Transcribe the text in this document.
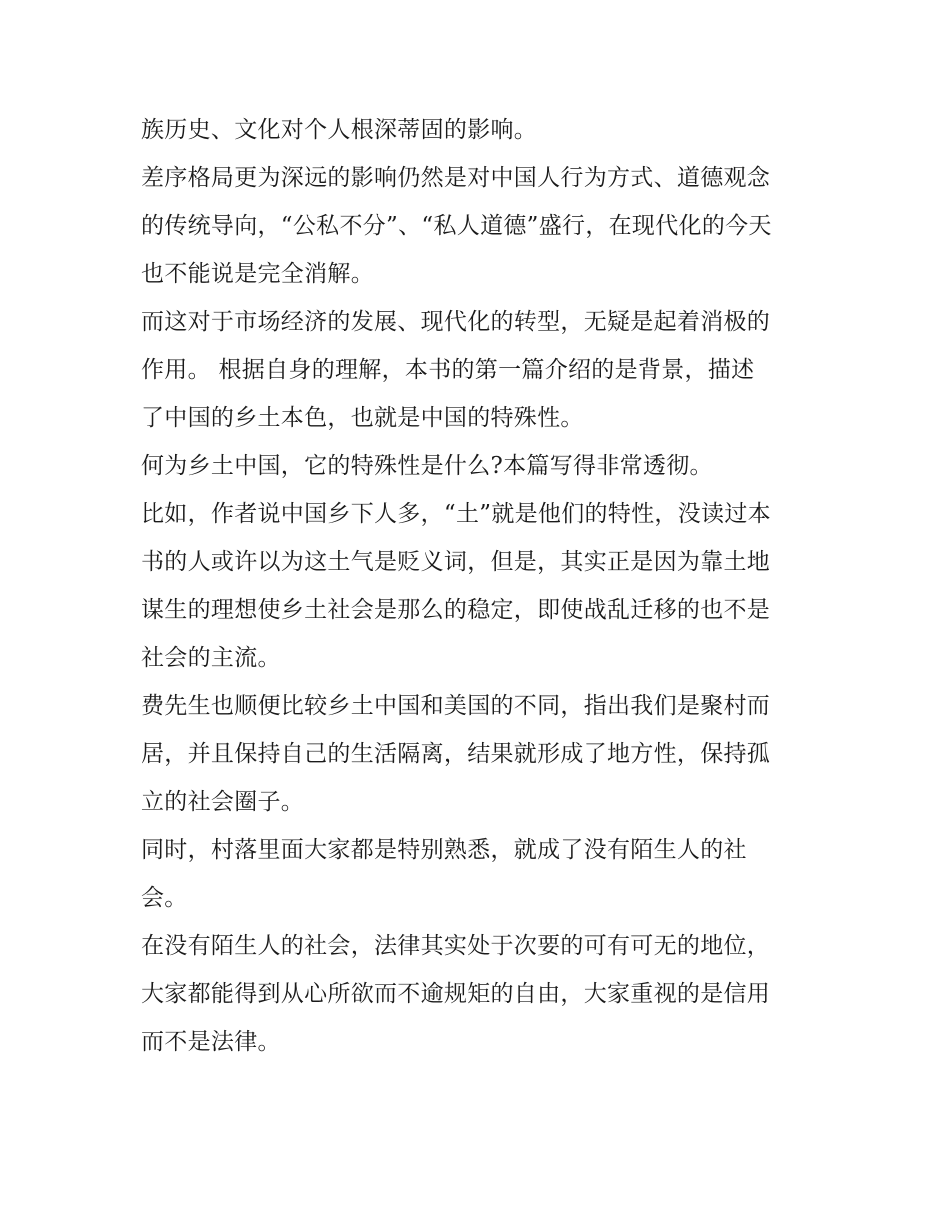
族历史、文化对个人根深蒂固的影响。

差序格局更为深远的影响仍然是对中国人行为方式、道德观念
的传统导向，“公私不分”、“私人道德”盛行，在现代化的今天
也不能说是完全消解。

而这对于市场经济的发展、现代化的转型，无疑是起着消极的
作用。 根据自身的理解，本书的第一篇介绍的是背景，描述
了中国的乡土本色，也就是中国的特殊性。

何为乡土中国，它的特殊性是什么?本篇写得非常透彻。

比如，作者说中国乡下人多，“土”就是他们的特性，没读过本
书的人或许以为这土气是贬义词，但是，其实正是因为靠土地
谋生的理想使乡土社会是那么的稳定，即使战乱迁移的也不是
社会的主流。

费先生也顺便比较乡土中国和美国的不同，指出我们是聚村而
居，并且保持自己的生活隔离，结果就形成了地方性，保持孤
立的社会圈子。

同时，村落里面大家都是特别熟悉，就成了没有陌生人的社
会。

在没有陌生人的社会，法律其实处于次要的可有可无的地位，
大家都能得到从心所欲而不逾规矩的自由，大家重视的是信用
而不是法律。
